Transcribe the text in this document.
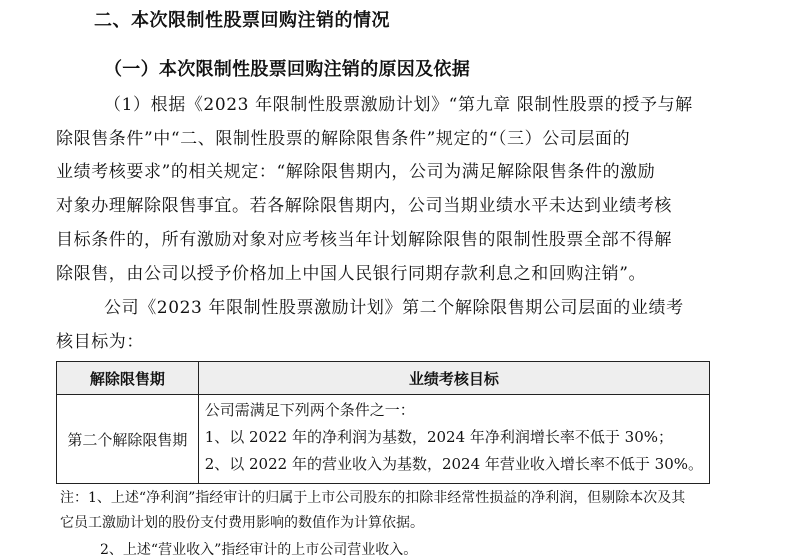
二、本次限制性股票回购注销的情况
（一）本次限制性股票回购注销的原因及依据
（1）根据《2023 年限制性股票激励计划》“第九章 限制性股票的授予与解
除限售条件”中“二、限制性股票的解除限售条件”规定的“（三）公司层面的
业绩考核要求”的相关规定：“解除限售期内，公司为满足解除限售条件的激励
对象办理解除限售事宜。若各解除限售期内，公司当期业绩水平未达到业绩考核
目标条件的，所有激励对象对应考核当年计划解除限售的限制性股票全部不得解
除限售，由公司以授予价格加上中国人民银行同期存款利息之和回购注销”。
公司《2023 年限制性股票激励计划》第二个解除限售期公司层面的业绩考
核目标为：
解除限售期	业绩考核目标
第二个解除限售期	公司需满足下列两个条件之一：
1、以 2022 年的净利润为基数，2024 年净利润增长率不低于 30%；
2、以 2022 年的营业收入为基数，2024 年营业收入增长率不低于 30%。
注：1、上述“净利润”指经审计的归属于上市公司股东的扣除非经常性损益的净利润，但剔除本次及其
它员工激励计划的股份支付费用影响的数值作为计算依据。
2、上述“营业收入”指经审计的上市公司营业收入。
